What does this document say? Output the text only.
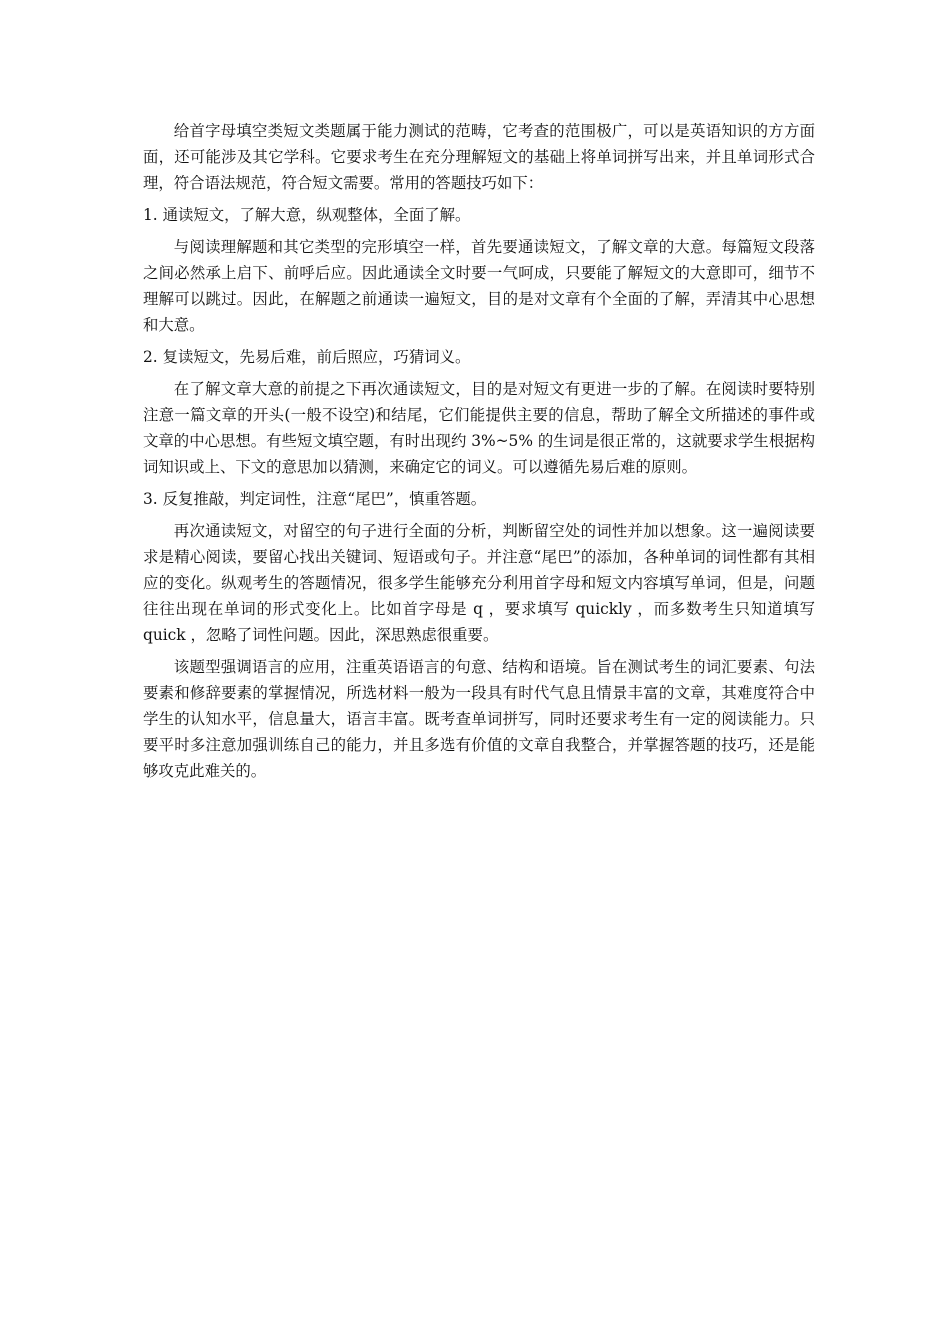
给首字母填空类短文类题属于能力测试的范畴，它考查的范围极广，可以是英语知识的方方面面，还可能涉及其它学科。它要求考生在充分理解短文的基础上将单词拼写出来，并且单词形式合理，符合语法规范，符合短文需要。常用的答题技巧如下：

1. 通读短文，了解大意，纵观整体，全面了解。

与阅读理解题和其它类型的完形填空一样，首先要通读短文，了解文章的大意。每篇短文段落之间必然承上启下、前呼后应。因此通读全文时要一气呵成，只要能了解短文的大意即可，细节不理解可以跳过。因此，在解题之前通读一遍短文，目的是对文章有个全面的了解，弄清其中心思想和大意。

2. 复读短文，先易后难，前后照应，巧猜词义。

在了解文章大意的前提之下再次通读短文，目的是对短文有更进一步的了解。在阅读时要特别注意一篇文章的开头(一般不设空)和结尾，它们能提供主要的信息，帮助了解全文所描述的事件或文章的中心思想。有些短文填空题，有时出现约 3%~5% 的生词是很正常的，这就要求学生根据构词知识或上、下文的意思加以猜测，来确定它的词义。可以遵循先易后难的原则。

3. 反复推敲，判定词性，注意“尾巴”，慎重答题。

再次通读短文，对留空的句子进行全面的分析，判断留空处的词性并加以想象。这一遍阅读要求是精心阅读，要留心找出关键词、短语或句子。并注意“尾巴”的添加，各种单词的词性都有其相应的变化。纵观考生的答题情况，很多学生能够充分利用首字母和短文内容填写单词，但是，问题往往出现在单词的形式变化上。比如首字母是 q ，要求填写 quickly ，而多数考生只知道填写 quick ，忽略了词性问题。因此，深思熟虑很重要。

该题型强调语言的应用，注重英语语言的句意、结构和语境。旨在测试考生的词汇要素、句法要素和修辞要素的掌握情况，所选材料一般为一段具有时代气息且情景丰富的文章，其难度符合中学生的认知水平，信息量大，语言丰富。既考查单词拼写，同时还要求考生有一定的阅读能力。只要平时多注意加强训练自己的能力，并且多选有价值的文章自我整合，并掌握答题的技巧，还是能够攻克此难关的。
